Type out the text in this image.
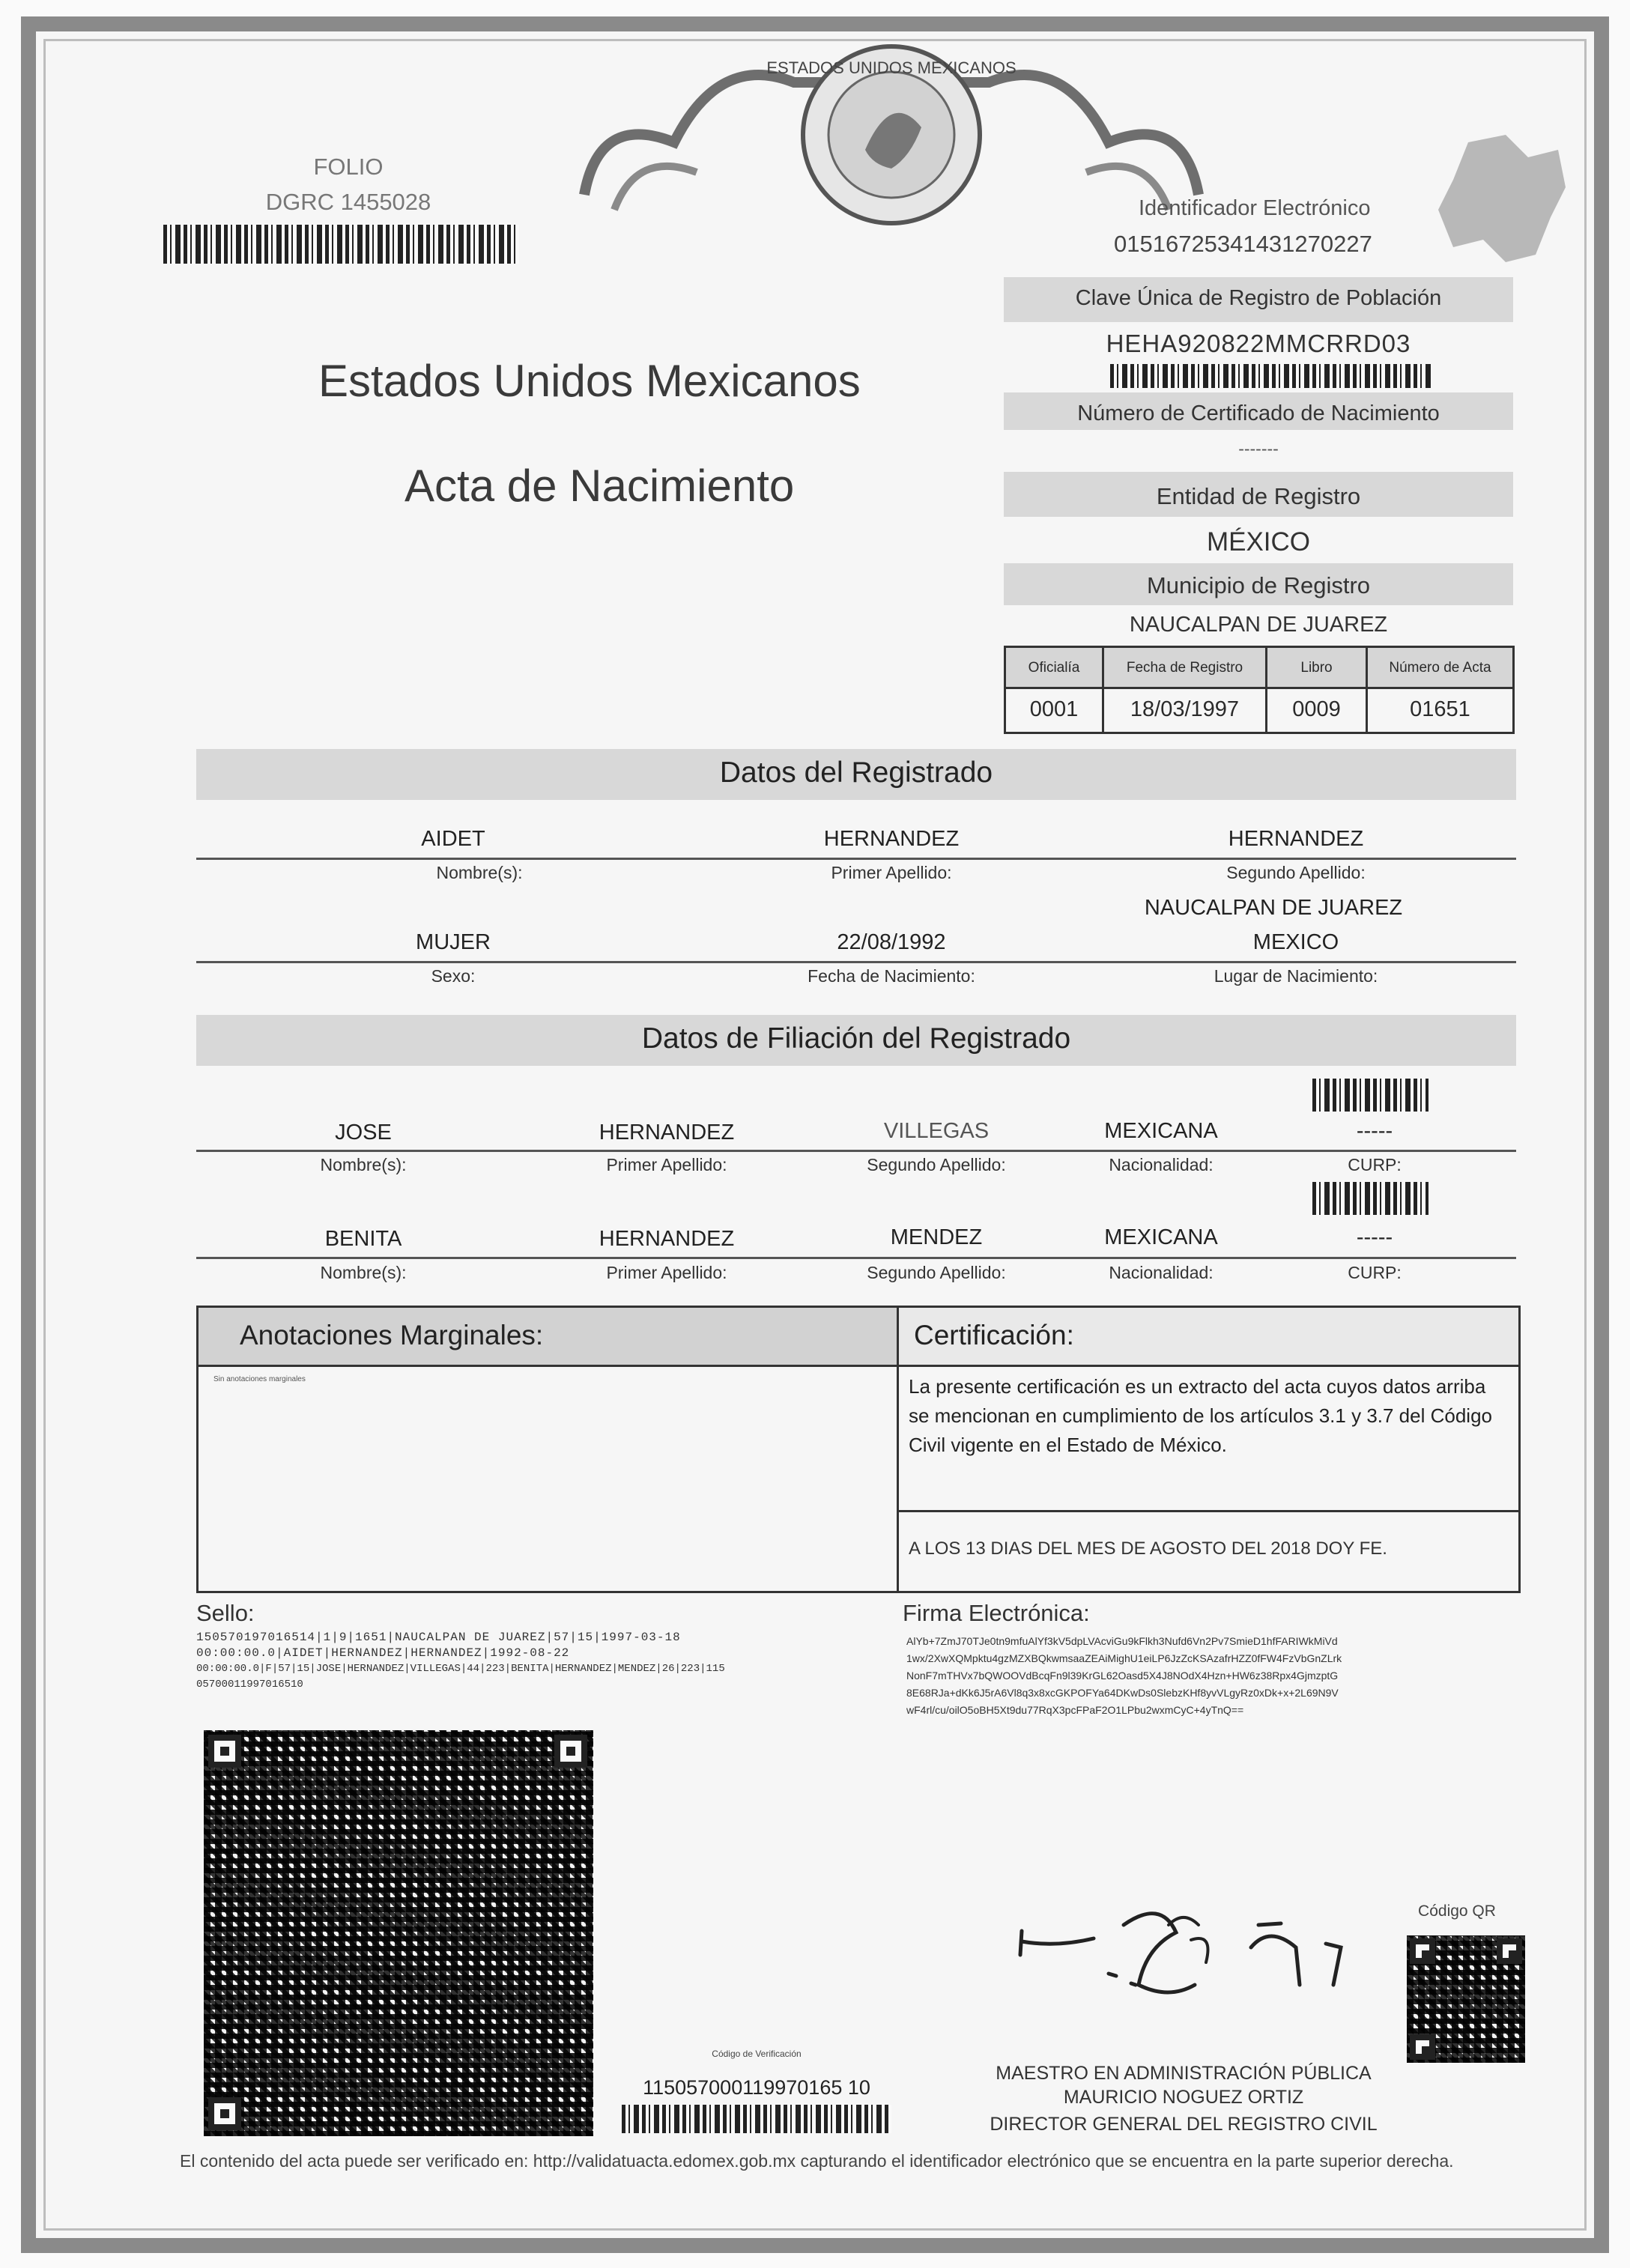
ESTADOS UNIDOS MEXICANOS
FOLIO
DGRC 1455028	Identificador Electrónico
01516725341431270227
Estados Unidos Mexicanos
Acta de Nacimiento
Clave Única de Registro de Población
HEHA920822MMCRRD03
Número de Certificado de Nacimiento
-------
Entidad de Registro
MÉXICO
Municipio de Registro
NAUCALPAN DE JUAREZ
Oficialía	Fecha de Registro	Libro	Número de Acta
0001	18/03/1997	0009	01651
Datos del Registrado
AIDET	HERNANDEZ	HERNANDEZ
Nombre(s):	Primer Apellido:	Segundo Apellido:
NAUCALPAN DE JUAREZ
MUJER	22/08/1992	MEXICO
Sexo:	Fecha de Nacimiento:	Lugar de Nacimiento:
Datos de Filiación del Registrado
JOSE	HERNANDEZ	VILLEGAS	MEXICANA	-----
Nombre(s):	Primer Apellido:	Segundo Apellido:	Nacionalidad:	CURP:
BENITA	HERNANDEZ	MENDEZ	MEXICANA	-----
Nombre(s):	Primer Apellido:	Segundo Apellido:	Nacionalidad:	CURP:
Anotaciones Marginales:	Certificación:
Sin anotaciones marginales	La presente certificación es un extracto del acta cuyos datos arriba se mencionan en cumplimiento de los artículos 3.1 y 3.7 del Código Civil vigente en el Estado de México.
A LOS 13 DIAS DEL MES DE AGOSTO DEL 2018 DOY FE.
Sello:
150570197016514|1|9|1651|NAUCALPAN DE JUAREZ|57|15|1997-03-18
00:00:00.0|AIDET|HERNANDEZ|HERNANDEZ|1992-08-22
00:00:00.0|F|57|15|JOSE|HERNANDEZ|VILLEGAS|44|223|BENITA|HERNANDEZ|MENDEZ|26|223|115
05700011997016510
Firma Electrónica:
AlYb+7ZmJ70TJe0tn9mfuAlYf3kV5dpLVAcviGu9kFlkh3Nufd6Vn2Pv7SmieD1hfFARIWkMiVd
1wx/2XwXQMpktu4gzMZXBQkwmsaaZEAiMighU1eiLP6JzZcKSAzafrHZZ0fFW4FzVbGnZLrk
NonF7mTHVx7bQWOOVdBcqFn9l39KrGL62Oasd5X4J8NOdX4Hzn+HW6z38Rpx4GjmzptG
8E68RJa+dKk6J5rA6Vl8q3x8xcGKPOFYa64DKwDs0SlebzKHf8yvVLgyRz0xDk+x+2L69N9V
wF4rl/cu/oilO5oBH5Xt9du77RqX3pcFPaF2O1LPbu2wxmCyC+4yTnQ==
Código de Verificación
115057000119970165 10
MAESTRO EN ADMINISTRACIÓN PÚBLICA
MAURICIO NOGUEZ ORTIZ
DIRECTOR GENERAL DEL REGISTRO CIVIL
Código QR
El contenido del acta puede ser verificado en: http://validatuacta.edomex.gob.mx capturando el identificador electrónico que se encuentra en la parte superior derecha.
